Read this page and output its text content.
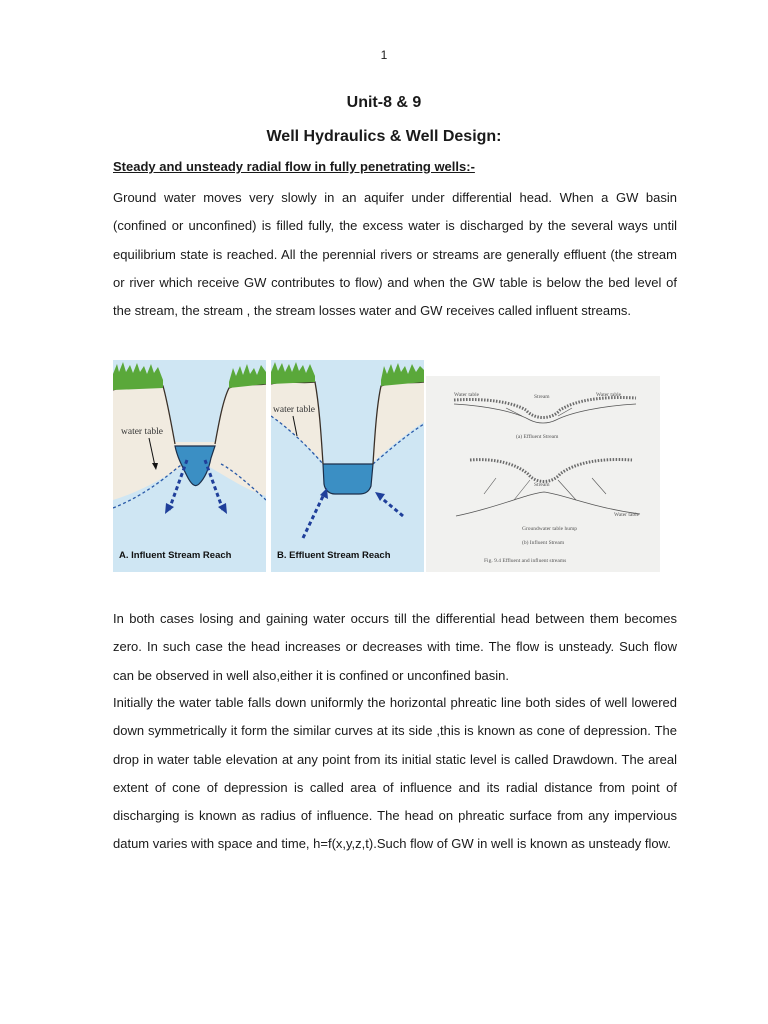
1
Unit-8 & 9
Well Hydraulics & Well Design:
Steady and unsteady radial flow in fully penetrating wells:-

Ground water moves very slowly in an aquifer under differential head. When a GW basin (confined or unconfined) is filled fully, the excess water is discharged by the several ways until equilibrium state is reached. All the perennial rivers or streams are generally effluent (the stream or river which receive GW contributes to flow) and when the GW table is below the bed level of the stream, the stream , the stream losses water and GW receives called influent streams.

water table
A. Influent Stream Reach
water table
B. Effluent Stream Reach
Water table	Stream	Water table
(a) Effluent Stream
Stream
Water table
Groundwater table hump
(b) Influent Stream
Fig. 9.4 Effluent and influent streams

In both cases losing and gaining water occurs till the differential head between them becomes zero. In such case the head increases or decreases with time. The flow is unsteady. Such flow can be observed in well also,either it is confined or unconfined basin.

Initially the water table falls down uniformly the horizontal phreatic line both sides of well lowered down symmetrically it form the similar curves at its side ,this is known as cone of depression. The drop in water table elevation at any point from its initial static level is called Drawdown. The areal extent of cone of depression is called area of influence and its radial distance from point of discharging is known as radius of influence. The head on phreatic surface from any impervious datum varies with space and time, h=f(x,y,z,t).Such flow of GW in well is known as unsteady flow.
